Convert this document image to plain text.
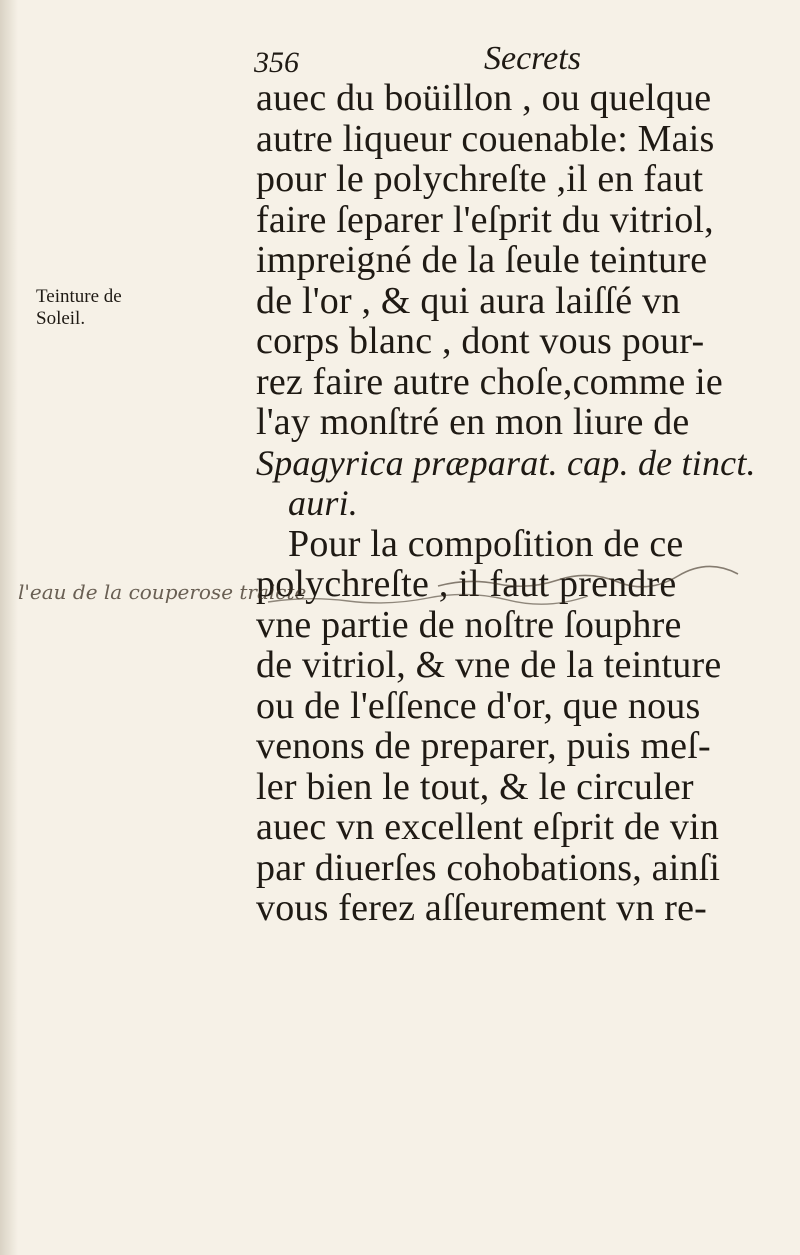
356	Secrets
Teinture de
Soleil.
auec du boüillon , ou quelque
autre liqueur couenable: Mais
pour le polychreſte ,il en faut
faire ſeparer l'eſprit du vitriol,
impreigné de la ſeule teinture
de l'or , & qui aura laiſſé vn
corps blanc , dont vous pour-
rez faire autre choſe,comme ie
l'ay monſtré en mon liure de
Spagyrica præparat. cap. de tinct.
auri.
Pour la compoſition de ce
polychreſte , il faut prendre
vne partie de noſtre ſouphre
de vitriol, & vne de la teinture
ou de l'eſſence d'or, que nous
venons de preparer, puis meſ-
ler bien le tout, & le circuler
auec vn excellent eſprit de vin
par diuerſes cohobations, ainſi
vous ferez aſſeurement vn re-
l'eau de la couperose traicte
